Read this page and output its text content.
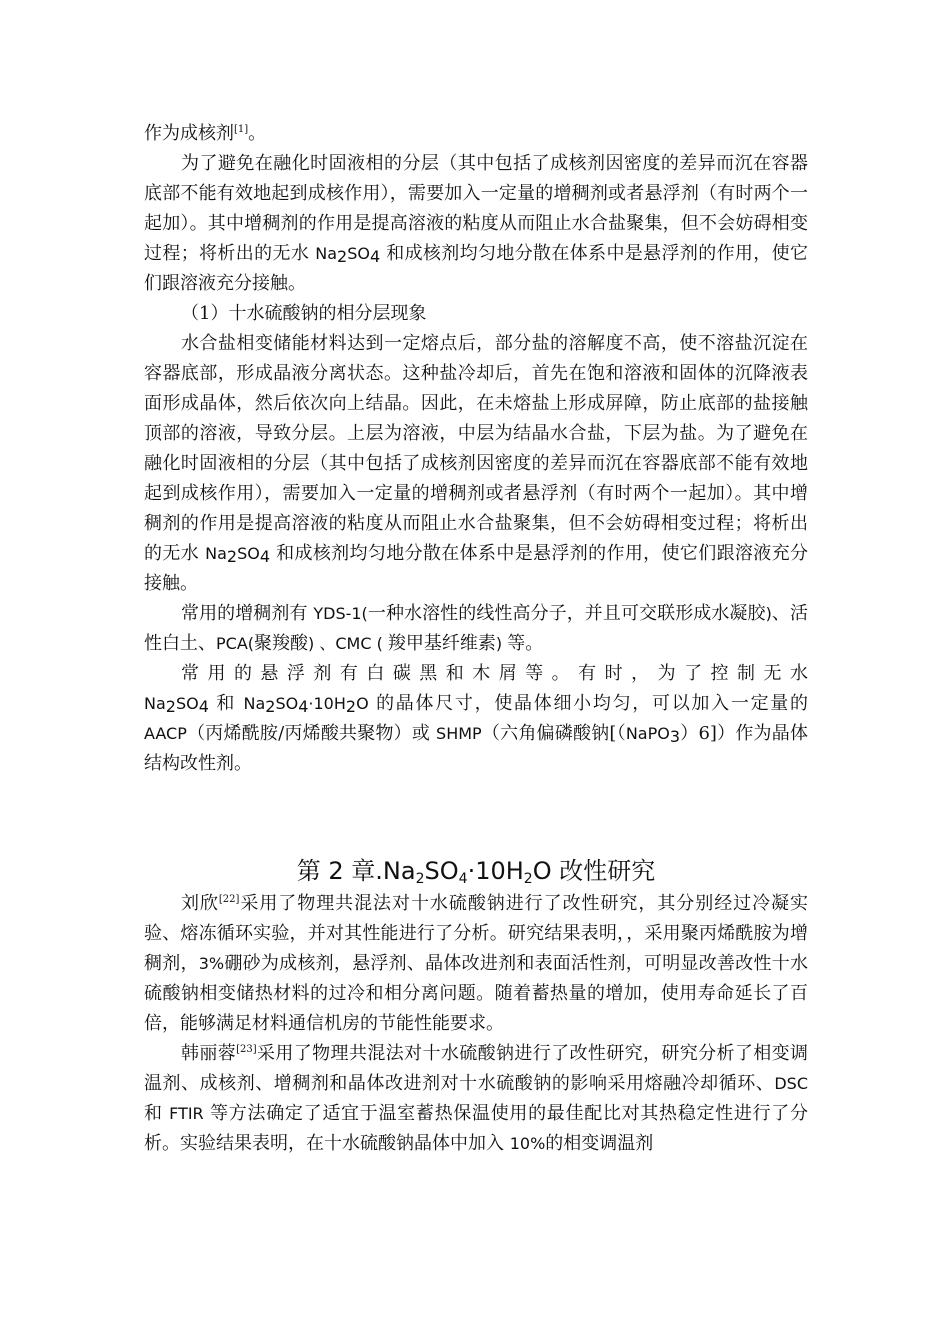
作为成核剂[1]。

为了避免在融化时固液相的分层（其中包括了成核剂因密度的差异而沉在容器底部不能有效地起到成核作用），需要加入一定量的增稠剂或者悬浮剂（有时两个一起加）。其中增稠剂的作用是提高溶液的粘度从而阻止水合盐聚集，但不会妨碍相变过程；将析出的无水 $Na_2SO_4$ 和成核剂均匀地分散在体系中是悬浮剂的作用，使它们跟溶液充分接触。

（1）十水硫酸钠的相分层现象

水合盐相变储能材料达到一定熔点后，部分盐的溶解度不高，使不溶盐沉淀在容器底部，形成晶液分离状态。这种盐冷却后，首先在饱和溶液和固体的沉降液表面形成晶体，然后依次向上结晶。因此，在未熔盐上形成屏障，防止底部的盐接触顶部的溶液，导致分层。上层为溶液，中层为结晶水合盐，下层为盐。为了避免在融化时固液相的分层（其中包括了成核剂因密度的差异而沉在容器底部不能有效地起到成核作用），需要加入一定量的增稠剂或者悬浮剂（有时两个一起加）。其中增稠剂的作用是提高溶液的粘度从而阻止水合盐聚集，但不会妨碍相变过程；将析出的无水 $Na_2SO_4$ 和成核剂均匀地分散在体系中是悬浮剂的作用，使它们跟溶液充分接触。

常用的增稠剂有 YDS-1(一种水溶性的线性高分子，并且可交联形成水凝胶)、活性白土、PCA(聚羧酸) 、CMC ( 羧甲基纤维素) 等。

常 用 的 悬 浮 剂 有 白 碳 黑 和 木 屑 等 。 有 时 ， 为 了 控 制 无 水 $Na_2SO_4$ 和 $Na_2SO_4\cdot 10H_2O$ 的晶体尺寸，使晶体细小均匀，可以加入一定量的 AACP（丙烯酰胺/丙烯酸共聚物）或 SHMP（六角偏磷酸钠[（NaPO$_3$）6]）作为晶体结构改性剂。

第 2 章$.Na_2SO_4\cdot 10H_2O$ 改性研究

刘欣[22]采用了物理共混法对十水硫酸钠进行了改性研究，其分别经过冷凝实验、熔冻循环实验，并对其性能进行了分析。研究结果表明，，采用聚丙烯酰胺为增稠剂，3%硼砂为成核剂，悬浮剂、晶体改进剂和表面活性剂，可明显改善改性十水硫酸钠相变储热材料的过冷和相分离问题。随着蓄热量的增加，使用寿命延长了百倍，能够满足材料通信机房的节能性能要求。

韩丽蓉[23]采用了物理共混法对十水硫酸钠进行了改性研究，研究分析了相变调温剂、成核剂、增稠剂和晶体改进剂对十水硫酸钠的影响采用熔融冷却循环、DSC 和 FTIR 等方法确定了适宜于温室蓄热保温使用的最佳配比对其热稳定性进行了分析。实验结果表明，在十水硫酸钠晶体中加入 10%的相变调温剂
